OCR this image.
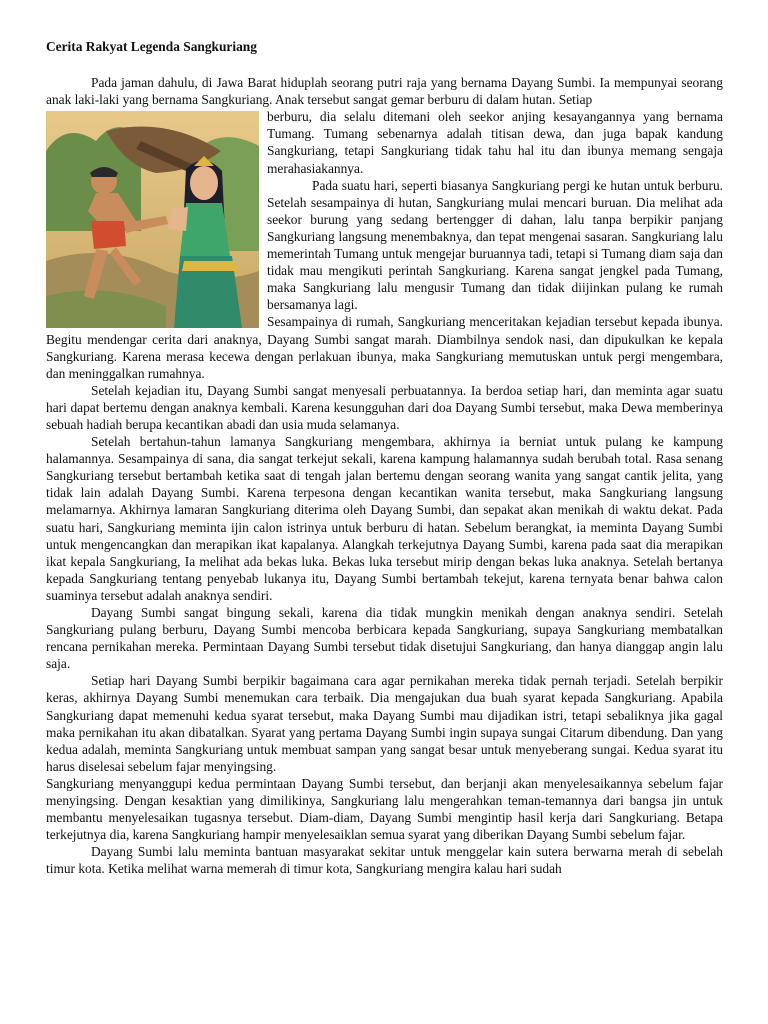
Cerita Rakyat Legenda Sangkuriang

Pada jaman dahulu, di Jawa Barat hiduplah seorang putri raja yang bernama Dayang Sumbi. Ia mempunyai seorang anak laki-laki yang bernama Sangkuriang. Anak tersebut sangat gemar berburu di dalam hutan. Setiap

berburu, dia selalu ditemani oleh seekor anjing kesayangannya yang bernama Tumang. Tumang sebenarnya adalah titisan dewa, dan juga bapak kandung Sangkuriang, tetapi Sangkuriang tidak tahu hal itu dan ibunya memang sengaja merahasiakannya.

Pada suatu hari, seperti biasanya Sangkuriang pergi ke hutan untuk berburu. Setelah sesampainya di hutan, Sangkuriang mulai mencari buruan. Dia melihat ada seekor burung yang sedang bertengger di dahan, lalu tanpa berpikir panjang Sangkuriang langsung menembaknya, dan tepat mengenai sasaran. Sangkuriang lalu memerintah Tumang untuk mengejar buruannya tadi, tetapi si Tumang diam saja dan tidak mau mengikuti perintah Sangkuriang. Karena sangat jengkel pada Tumang, maka Sangkuriang lalu mengusir Tumang dan tidak diijinkan pulang ke rumah bersamanya lagi.

Sesampainya di rumah, Sangkuriang menceritakan kejadian tersebut kepada ibunya. Begitu mendengar cerita dari anaknya, Dayang Sumbi sangat marah. Diambilnya sendok nasi, dan dipukulkan ke kepala Sangkuriang. Karena merasa kecewa dengan perlakuan ibunya, maka Sangkuriang memutuskan untuk pergi mengembara, dan meninggalkan rumahnya.

Setelah kejadian itu, Dayang Sumbi sangat menyesali perbuatannya. Ia berdoa setiap hari, dan meminta agar suatu hari dapat bertemu dengan anaknya kembali. Karena kesungguhan dari doa Dayang Sumbi tersebut, maka Dewa memberinya sebuah hadiah berupa kecantikan abadi dan usia muda selamanya.

Setelah bertahun-tahun lamanya Sangkuriang mengembara, akhirnya ia berniat untuk pulang ke kampung halamannya. Sesampainya di sana, dia sangat terkejut sekali, karena kampung halamannya sudah berubah total. Rasa senang Sangkuriang tersebut bertambah ketika saat di tengah jalan bertemu dengan seorang wanita yang sangat cantik jelita, yang tidak lain adalah Dayang Sumbi. Karena terpesona dengan kecantikan wanita tersebut, maka Sangkuriang langsung melamarnya. Akhirnya lamaran Sangkuriang diterima oleh Dayang Sumbi, dan sepakat akan menikah di waktu dekat. Pada suatu hari, Sangkuriang meminta ijin calon istrinya untuk berburu di hatan. Sebelum berangkat, ia meminta Dayang Sumbi untuk mengencangkan dan merapikan ikat kapalanya. Alangkah terkejutnya Dayang Sumbi, karena pada saat dia merapikan ikat kepala Sangkuriang, Ia melihat ada bekas luka. Bekas luka tersebut mirip dengan bekas luka anaknya. Setelah bertanya kepada Sangkuriang tentang penyebab lukanya itu, Dayang Sumbi bertambah tekejut, karena ternyata benar bahwa calon suaminya tersebut adalah anaknya sendiri.

Dayang Sumbi sangat bingung sekali, karena dia tidak mungkin menikah dengan anaknya sendiri. Setelah Sangkuriang pulang berburu, Dayang Sumbi mencoba berbicara kepada Sangkuriang, supaya Sangkuriang membatalkan rencana pernikahan mereka. Permintaan Dayang Sumbi tersebut tidak disetujui Sangkuriang, dan hanya dianggap angin lalu saja.

Setiap hari Dayang Sumbi berpikir bagaimana cara agar pernikahan mereka tidak pernah terjadi. Setelah berpikir keras, akhirnya Dayang Sumbi menemukan cara terbaik. Dia mengajukan dua buah syarat kepada Sangkuriang. Apabila Sangkuriang dapat memenuhi kedua syarat tersebut, maka Dayang Sumbi mau dijadikan istri, tetapi sebaliknya jika gagal maka pernikahan itu akan dibatalkan. Syarat yang pertama Dayang Sumbi ingin supaya sungai Citarum dibendung. Dan yang kedua adalah, meminta Sangkuriang untuk membuat sampan yang sangat besar untuk menyeberang sungai. Kedua syarat itu harus diselesai sebelum fajar menyingsing.

Sangkuriang menyanggupi kedua permintaan Dayang Sumbi tersebut, dan berjanji akan menyelesaikannya sebelum fajar menyingsing. Dengan kesaktian yang dimilikinya, Sangkuriang lalu mengerahkan teman-temannya dari bangsa jin untuk membantu menyelesaikan tugasnya tersebut. Diam-diam, Dayang Sumbi mengintip hasil kerja dari Sangkuriang. Betapa terkejutnya dia, karena Sangkuriang hampir menyelesaiklan semua syarat yang diberikan Dayang Sumbi sebelum fajar.

Dayang Sumbi lalu meminta bantuan masyarakat sekitar untuk menggelar kain sutera berwarna merah di sebelah timur kota. Ketika melihat warna memerah di timur kota, Sangkuriang mengira kalau hari sudah
